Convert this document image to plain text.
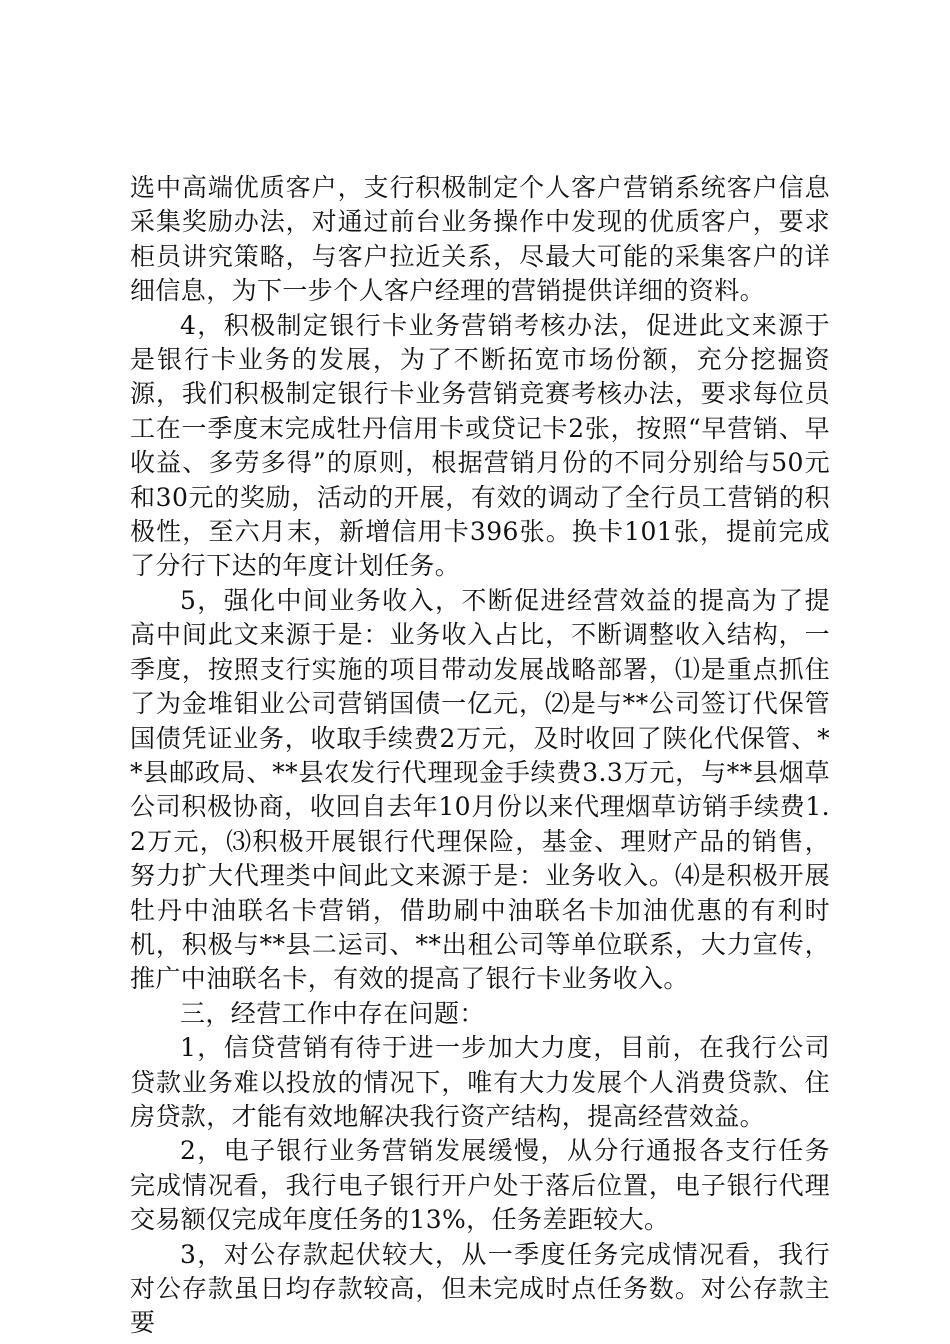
选中高端优质客户，支行积极制定个人客户营销系统客户信息采集奖励办法，对通过前台业务操作中发现的优质客户，要求柜员讲究策略，与客户拉近关系，尽最大可能的采集客户的详细信息，为下一步个人客户经理的营销提供详细的资料。

4，积极制定银行卡业务营销考核办法，促进此文来源于是银行卡业务的发展，为了不断拓宽市场份额，充分挖掘资源，我们积极制定银行卡业务营销竞赛考核办法，要求每位员工在一季度末完成牡丹信用卡或贷记卡2张，按照“早营销、早收益、多劳多得”的原则，根据营销月份的不同分别给与50元和30元的奖励，活动的开展，有效的调动了全行员工营销的积极性，至六月末，新增信用卡396张。换卡101张，提前完成了分行下达的年度计划任务。

5，强化中间业务收入，不断促进经营效益的提高为了提高中间此文来源于是：业务收入占比，不断调整收入结构，一季度，按照支行实施的项目带动发展战略部署，⑴是重点抓住了为金堆钼业公司营销国债一亿元，⑵是与**公司签订代保管国债凭证业务，收取手续费2万元，及时收回了陕化代保管、**县邮政局、**县农发行代理现金手续费3.3万元，与**县烟草公司积极协商，收回自去年10月份以来代理烟草访销手续费1.2万元，⑶积极开展银行代理保险，基金、理财产品的销售，努力扩大代理类中间此文来源于是：业务收入。⑷是积极开展牡丹中油联名卡营销，借助刷中油联名卡加油优惠的有利时机，积极与**县二运司、**出租公司等单位联系，大力宣传，推广中油联名卡，有效的提高了银行卡业务收入。

三，经营工作中存在问题：

1，信贷营销有待于进一步加大力度，目前，在我行公司贷款业务难以投放的情况下，唯有大力发展个人消费贷款、住房贷款，才能有效地解决我行资产结构，提高经营效益。

2，电子银行业务营销发展缓慢，从分行通报各支行任务完成情况看，我行电子银行开户处于落后位置，电子银行代理交易额仅完成年度任务的13%，任务差距较大。

3，对公存款起伏较大，从一季度任务完成情况看，我行对公存款虽日均存款较高，但未完成时点任务数。对公存款主要
